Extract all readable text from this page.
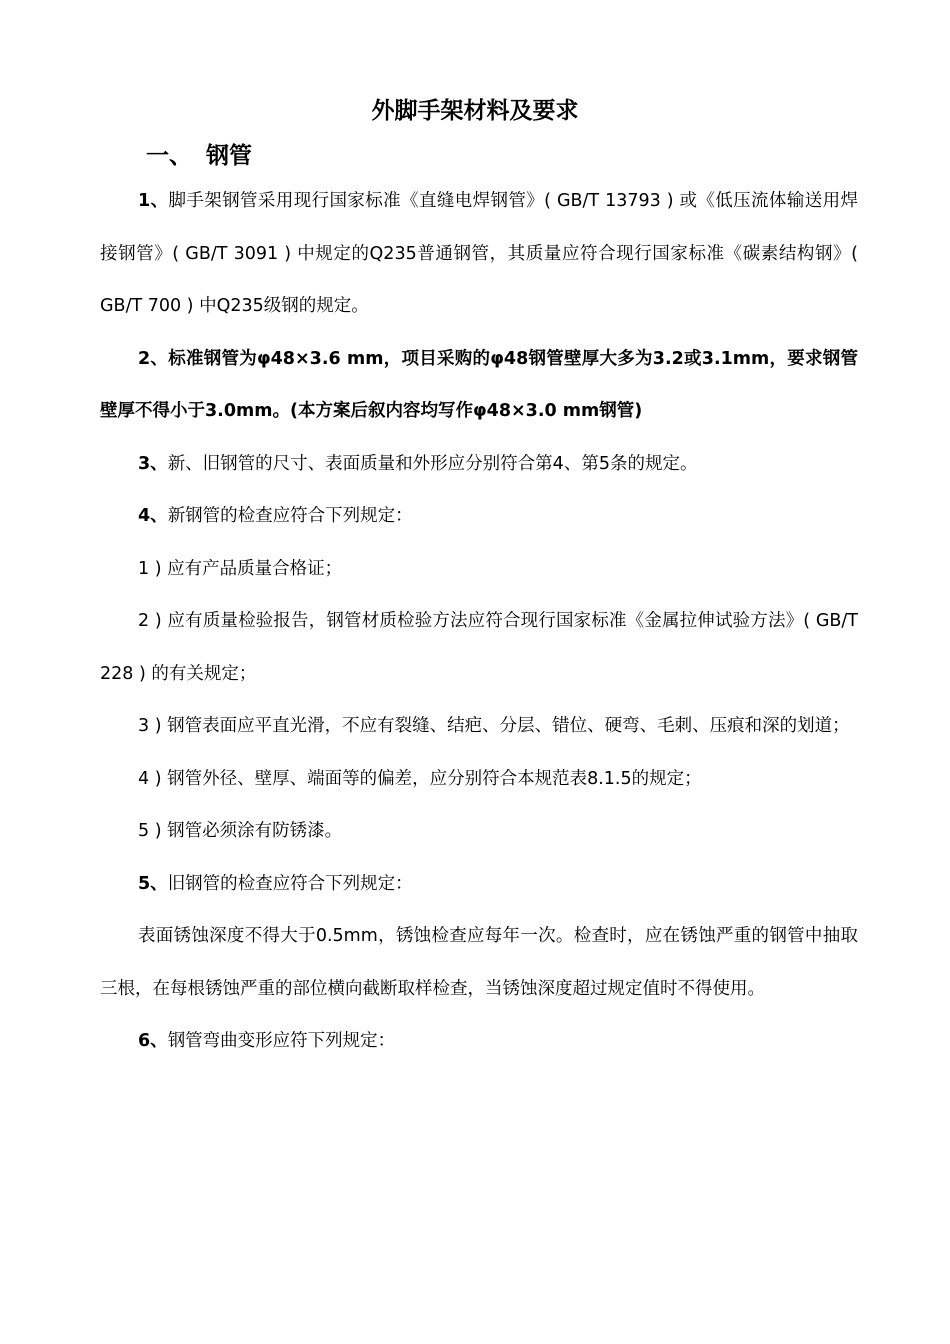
外脚手架材料及要求
一、 钢管

1、脚手架钢管采用现行国家标准《直缝电焊钢管》( GB/T 13793 ) 或《低压流体输送用焊接钢管》( GB/T 3091 ) 中规定的Q235普通钢管，其质量应符合现行国家标准《碳素结构钢》( GB/T 700 ) 中Q235级钢的规定。

2、标准钢管为φ48×3.6 mm，项目采购的φ48钢管壁厚大多为3.2或3.1mm，要求钢管壁厚不得小于3.0mm。(本方案后叙内容均写作φ48×3.0 mm钢管)

3、新、旧钢管的尺寸、表面质量和外形应分别符合第4、第5条的规定。

4、新钢管的检查应符合下列规定：

1 ) 应有产品质量合格证；

2 ) 应有质量检验报告，钢管材质检验方法应符合现行国家标准《金属拉伸试验方法》( GB/T 228 ) 的有关规定；

3 ) 钢管表面应平直光滑，不应有裂缝、结疤、分层、错位、硬弯、毛刺、压痕和深的划道；

4 ) 钢管外径、壁厚、端面等的偏差，应分别符合本规范表8.1.5的规定；

5 ) 钢管必须涂有防锈漆。

5、旧钢管的检查应符合下列规定：

表面锈蚀深度不得大于0.5mm，锈蚀检查应每年一次。检查时，应在锈蚀严重的钢管中抽取三根，在每根锈蚀严重的部位横向截断取样检查，当锈蚀深度超过规定值时不得使用。

6、钢管弯曲变形应符下列规定：
